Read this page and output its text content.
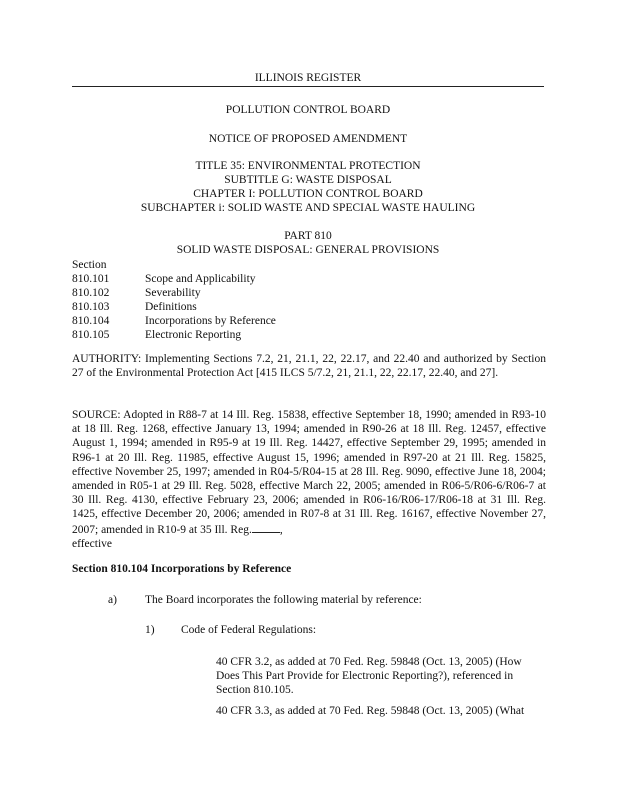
ILLINOIS REGISTER
POLLUTION CONTROL BOARD
NOTICE OF PROPOSED AMENDMENT
TITLE 35: ENVIRONMENTAL PROTECTION
SUBTITLE G: WASTE DISPOSAL
CHAPTER I: POLLUTION CONTROL BOARD
SUBCHAPTER i: SOLID WASTE AND SPECIAL WASTE HAULING
PART 810
SOLID WASTE DISPOSAL: GENERAL PROVISIONS
Section
810.101	Scope and Applicability
810.102	Severability
810.103	Definitions
810.104	Incorporations by Reference
810.105	Electronic Reporting
AUTHORITY: Implementing Sections 7.2, 21, 21.1, 22, 22.17, and 22.40 and authorized by Section 27 of the Environmental Protection Act [415 ILCS 5/7.2, 21, 21.1, 22, 22.17, 22.40, and 27].
SOURCE: Adopted in R88-7 at 14 Ill. Reg. 15838, effective September 18, 1990; amended in R93-10 at 18 Ill. Reg. 1268, effective January 13, 1994; amended in R90-26 at 18 Ill. Reg. 12457, effective August 1, 1994; amended in R95-9 at 19 Ill. Reg. 14427, effective September 29, 1995; amended in R96-1 at 20 Ill. Reg. 11985, effective August 15, 1996; amended in R97-20 at 21 Ill. Reg. 15825, effective November 25, 1997; amended in R04-5/R04-15 at 28 Ill. Reg. 9090, effective June 18, 2004; amended in R05-1 at 29 Ill. Reg. 5028, effective March 22, 2005; amended in R06-5/R06-6/R06-7 at 30 Ill. Reg. 4130, effective February 23, 2006; amended in R06-16/R06-17/R06-18 at 31 Ill. Reg. 1425, effective December 20, 2006; amended in R07-8 at 31 Ill. Reg. 16167, effective November 27, 2007; amended in R10-9 at 35 Ill. Reg. ,
effective
Section 810.104 Incorporations by Reference
a) The Board incorporates the following material by reference:
1) Code of Federal Regulations:
40 CFR 3.2, as added at 70 Fed. Reg. 59848 (Oct. 13, 2005) (How Does This Part Provide for Electronic Reporting?), referenced in Section 810.105.
40 CFR 3.3, as added at 70 Fed. Reg. 59848 (Oct. 13, 2005) (What
